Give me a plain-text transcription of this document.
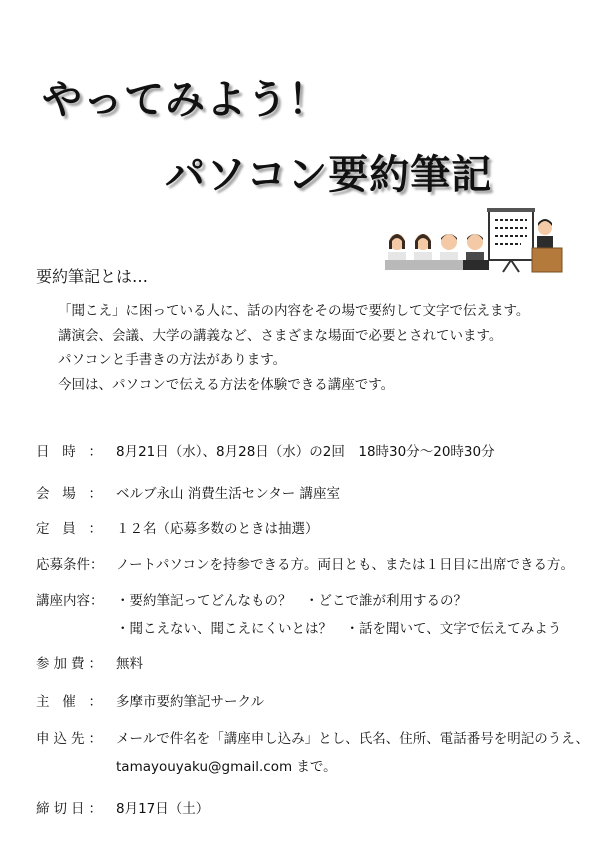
やってみよう！
パソコン要約筆記
要約筆記とは…
「聞こえ」に困っている人に、話の内容をその場で要約して文字で伝えます。
講演会、会議、大学の講義など、さまざまな場面で必要とされています。
パソコンと手書きの方法があります。
今回は、パソコンで伝える方法を体験できる講座です。
日 時 ： 8月21日（水）、8月28日（水）の2回　18時30分～20時30分
会 場 ： ベルブ永山 消費生活センター 講座室
定 員 ： １２名（応募多数のときは抽選）
応募条件 ： ノートパソコンを持参できる方。両日とも、または１日目に出席できる方。
講座内容 ： ・要約筆記ってどんなもの？　・どこで誰が利用するの？
・聞こえない、聞こえにくいとは？　・話を聞いて、文字で伝えてみよう
参 加 費 ： 無料
主 催 ： 多摩市要約筆記サークル
申 込 先 ： メールで件名を「講座申し込み」とし、氏名、住所、電話番号を明記のうえ、
tamayouyaku@gmail.com まで。
締 切 日 ： 8月17日（土）
